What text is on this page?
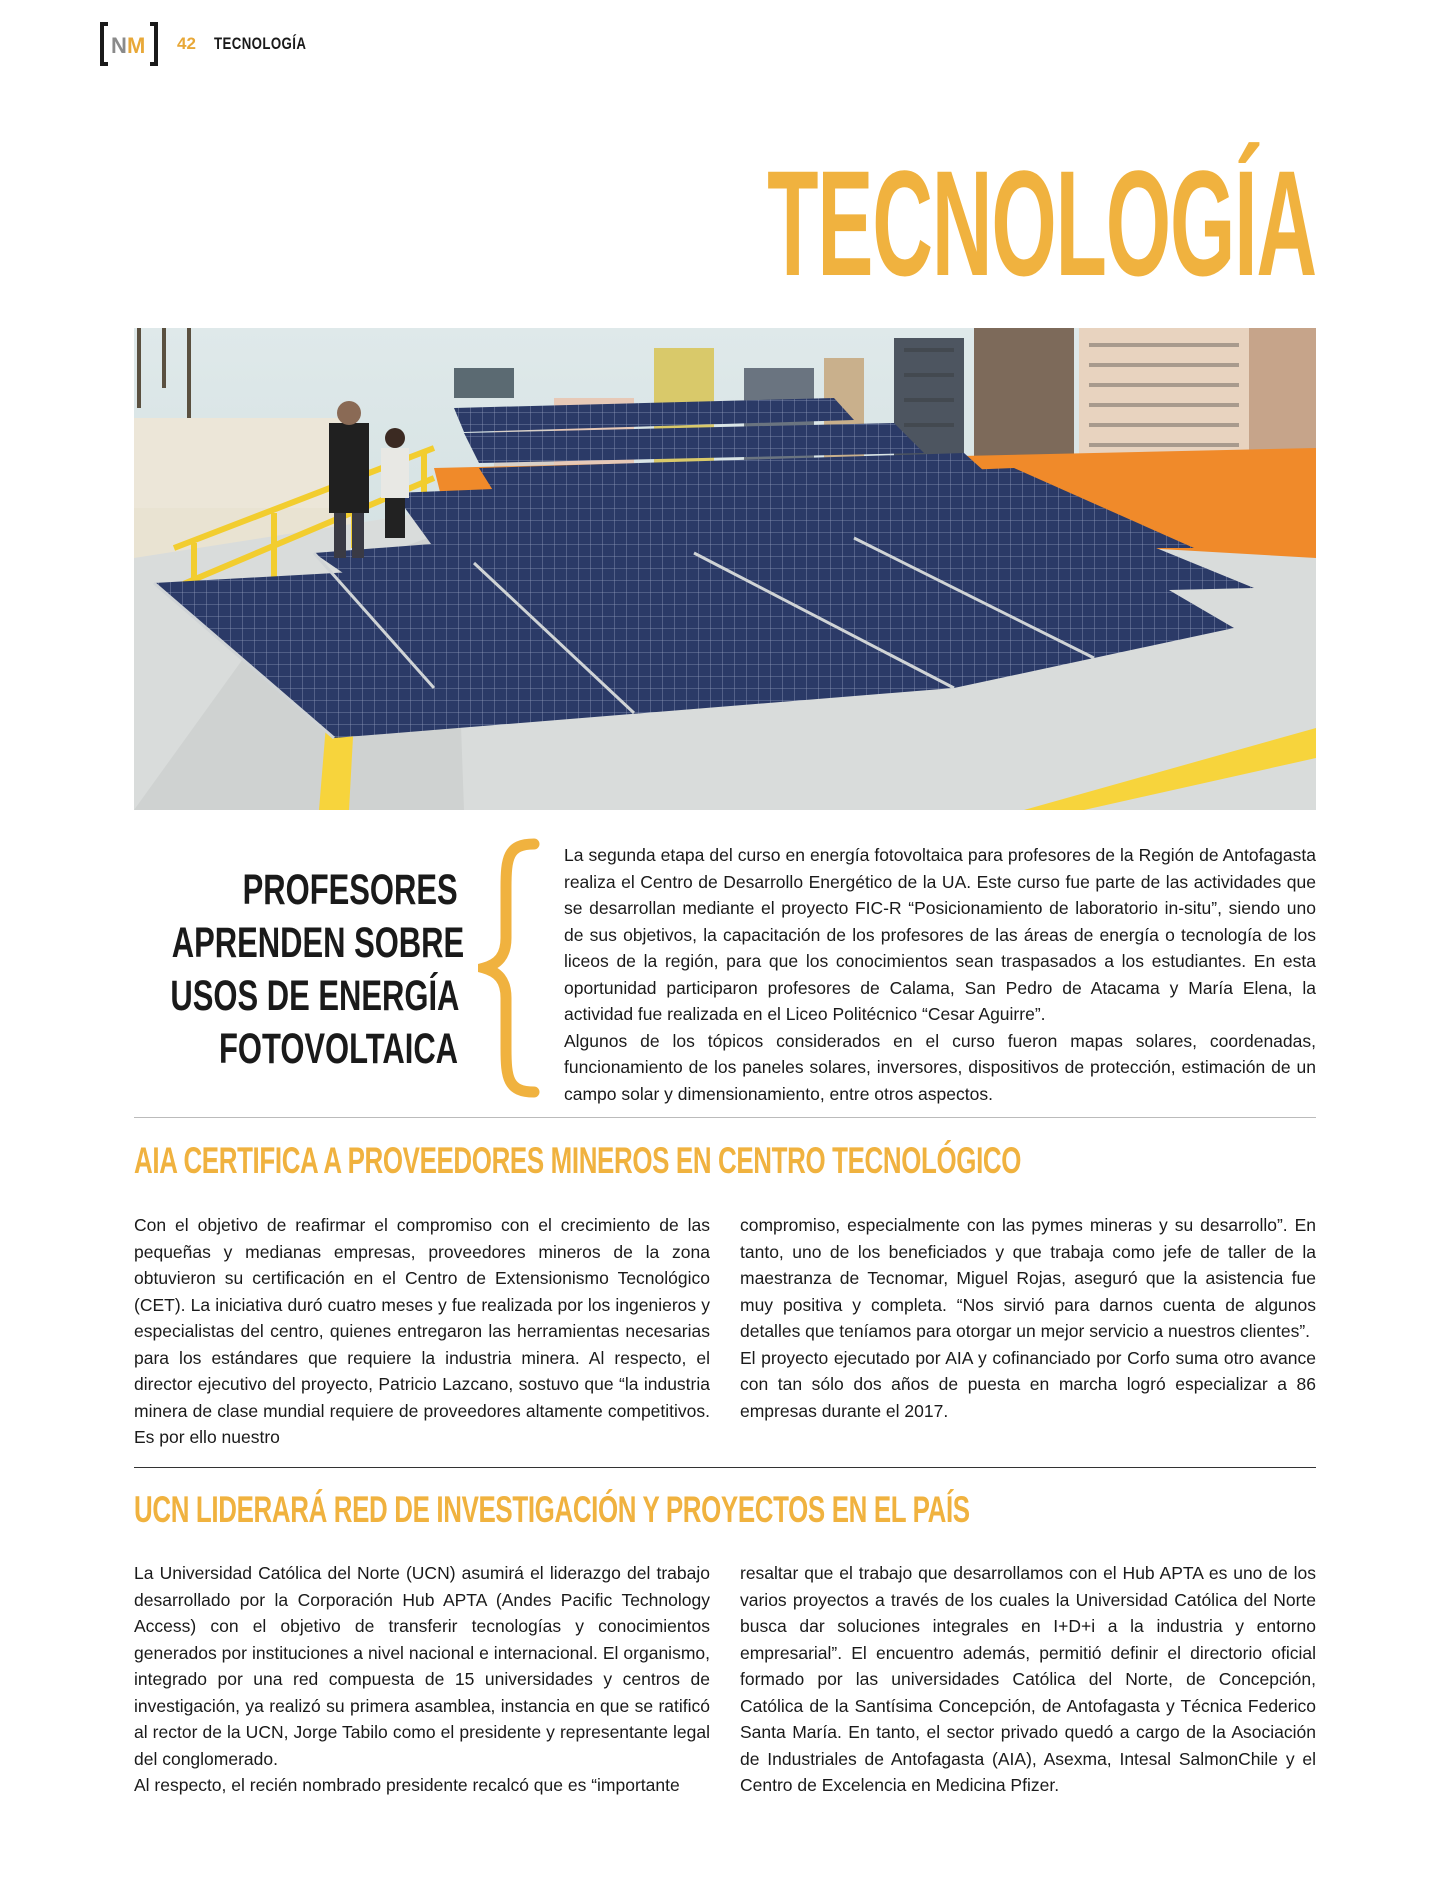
N M 42 TECNOLOGÍA
TECNOLOGÍA
PROFESORES
APRENDEN SOBRE
USOS DE ENERGÍA
FOTOVOLTAICA

La segunda etapa del curso en energía fotovoltaica para profesores de la Región de Antofagasta realiza el Centro de Desarrollo Energético de la UA. Este curso fue parte de las actividades que se desarrollan mediante el proyecto FIC-R “Posicionamiento de laboratorio in-situ”, siendo uno de sus objetivos, la capacitación de los profesores de las áreas de energía o tecnología de los liceos de la región, para que los conocimientos sean traspasados a los estudiantes. En esta oportunidad participaron profesores de Calama, San Pedro de Atacama y María Elena, la actividad fue realizada en el Liceo Politécnico “Cesar Aguirre”.

Algunos de los tópicos considerados en el curso fueron mapas solares, coordenadas, funcionamiento de los paneles solares, inversores, dispositivos de protección, estimación de un campo solar y dimensionamiento, entre otros aspectos.

AIA CERTIFICA A PROVEEDORES MINEROS EN CENTRO TECNOLÓGICO

Con el objetivo de reafirmar el compromiso con el crecimiento de las pequeñas y medianas empresas, proveedores mineros de la zona obtuvieron su certificación en el Centro de Extensionismo Tecnológico (CET). La iniciativa duró cuatro meses y fue realizada por los ingenieros y especialistas del centro, quienes entregaron las herramientas necesarias para los estándares que requiere la industria minera. Al respecto, el director ejecutivo del proyecto, Patricio Lazcano, sostuvo que “la industria minera de clase mundial requiere de proveedores altamente competitivos. Es por ello nuestro

compromiso, especialmente con las pymes mineras y su desarrollo”. En tanto, uno de los beneficiados y que trabaja como jefe de taller de la maestranza de Tecnomar, Miguel Rojas, aseguró que la asistencia fue muy positiva y completa. “Nos sirvió para darnos cuenta de algunos detalles que teníamos para otorgar un mejor servicio a nuestros clientes”.

El proyecto ejecutado por AIA y cofinanciado por Corfo suma otro avance con tan sólo dos años de puesta en marcha logró especializar a 86 empresas durante el 2017.

UCN LIDERARÁ RED DE INVESTIGACIÓN Y PROYECTOS EN EL PAÍS

La Universidad Católica del Norte (UCN) asumirá el liderazgo del trabajo desarrollado por la Corporación Hub APTA (Andes Pacific Technology Access) con el objetivo de transferir tecnologías y conocimientos generados por instituciones a nivel nacional e internacional. El organismo, integrado por una red compuesta de 15 universidades y centros de investigación, ya realizó su primera asamblea, instancia en que se ratificó al rector de la UCN, Jorge Tabilo como el presidente y representante legal del conglomerado.

Al respecto, el recién nombrado presidente recalcó que es “importante

resaltar que el trabajo que desarrollamos con el Hub APTA es uno de los varios proyectos a través de los cuales la Universidad Católica del Norte busca dar soluciones integrales en I+D+i a la industria y entorno empresarial”. El encuentro además, permitió definir el directorio oficial formado por las universidades Católica del Norte, de Concepción, Católica de la Santísima Concepción, de Antofagasta y Técnica Federico Santa María. En tanto, el sector privado quedó a cargo de la Asociación de Industriales de Antofagasta (AIA), Asexma, Intesal SalmonChile y el Centro de Excelencia en Medicina Pfizer.
